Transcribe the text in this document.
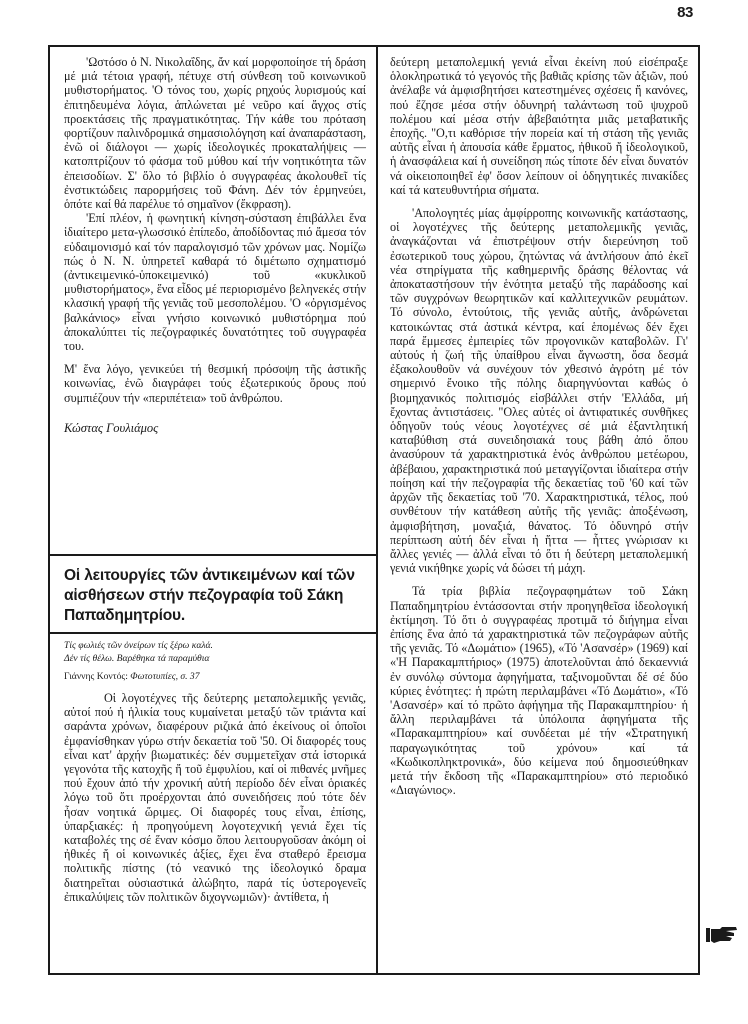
83

'Ωστόσο ὁ Ν. Νικολαΐδης, ἄν καί μορφοποίησε τή δράση μέ μιά τέτοια γραφή, πέτυχε στή σύνθεση τοῦ κοινωνικοῦ μυθιστορήματος. 'Ο τόνος του, χωρίς ρηχούς λυρισμούς καί ἐπιτηδευμένα λόγια, ἁπλώνεται μέ νεῦρο καί ἄγχος στίς προεκτάσεις τῆς πραγματικότητας. Τήν κάθε του πρόταση φορτίζουν παλινδρομικά σημασιολόγηση καί ἀναπαράσταση, ἐνῶ οἱ διάλογοι — χωρίς ἰδεολογικές προκαταλήψεις — κατοπτρίζουν τό φάσμα τοῦ μύθου καί τήν νοητικότητα τῶν ἐπεισοδίων. Σ' ὅλο τό βιβλίο ὁ συγγραφέας ἀκολουθεῖ τίς ἐνστικτώδεις παρορμήσεις τοῦ Φάνη. Δέν τόν ἑρμηνεύει, ὁπότε καί θά παρέλυε τό σημαῖνον (ἔκφραση).

'Επί πλέον, ἡ φωνητική κίνηση-σύσταση ἐπιβάλλει ἕνα ἰδιαίτερο μετα-γλωσσικό ἐπίπεδο, ἀποδίδοντας πιό ἄμεσα τόν εὐδαιμονισμό καί τόν παραλογισμό τῶν χρόνων μας. Νομίζω πώς ὁ Ν. Ν. ὑπηρετεῖ καθαρά τό διμέτωπο σχηματισμό (ἀντικειμενικό-ὑποκειμενικό) τοῦ «κυκλικοῦ μυθιστορήματος», ἕνα εἶδος μέ περιορισμένο βεληνεκές στήν κλασική γραφή τῆς γενιᾶς τοῦ μεσοπολέμου. 'Ο «ὀργισμένος βαλκάνιος» εἶναι γνήσιο κοινωνικό μυθιστόρημα πού ἀποκαλύπτει τίς πεζογραφικές δυνατότητες τοῦ συγγραφέα του.

Μ' ἕνα λόγο, γενικεύει τή θεσμική πρόσοψη τῆς ἀστικῆς κοινωνίας, ἐνῶ διαγράφει τούς ἐξωτερικούς ὅρους πού συμπιέζουν τήν «περιπέτεια» τοῦ ἀνθρώπου.

Κώστας Γουλιάμος
Οἱ λειτουργίες τῶν ἀντικειμένων καί τῶν αἰσθήσεων στήν πεζογραφία τοῦ Σάκη Παπαδημητρίου.
Τίς φωλιές τῶν ὀνείρων τίς ξέρω καλά.
Δέν τίς θέλω. Βαρέθηκα τά παραμύθια
Γιάννης Κοντός: Φωτοτυπίες, σ. 37

Οἱ λογοτέχνες τῆς δεύτερης μεταπολεμικῆς γενιᾶς, αὐτοί πού ἡ ἡλικία τους κυμαίνεται μεταξύ τῶν τριάντα καί σαράντα χρόνων, διαφέρουν ριζικά ἀπό ἐκείνους οἱ ὁποῖοι ἐμφανίσθηκαν γύρω στήν δεκαετία τοῦ '50. Οἱ διαφορές τους εἶναι κατ' ἀρχήν βιωματικές: δέν συμμετεῖχαν στά ἱστορικά γεγονότα τῆς κατοχῆς ἤ τοῦ ἐμφυλίου, καί οἱ πιθανές μνῆμες πού ἔχουν ἀπό τήν χρονική αὐτή περίοδο δέν εἶναι ὁριακές λόγω τοῦ ὅτι προέρχονται ἀπό συνειδήσεις πού τότε δέν ἦσαν νοητικά ὥριμες. Οἱ διαφορές τους εἶναι, ἐπίσης, ὑπαρξιακές: ἡ προηγούμενη λογοτεχνική γενιά ἔχει τίς καταβολές της σέ ἕναν κόσμο ὅπου λειτουργοῦσαν ἀκόμη οἱ ἠθικές ἤ οἱ κοινωνικές ἀξίες, ἔχει ἕνα σταθερό ἔρεισμα πολιτικῆς πίστης (τό νεανικό της ἰδεολογικό δραμα διατηρεῖται οὐσιαστικά ἀλώβητο, παρά τίς ὑστερογενεῖς ἐπικαλύψεις τῶν πολιτικῶν διχογνωμιῶν)· ἀντίθετα, ἡ

δεύτερη μεταπολεμική γενιά εἶναι ἐκείνη πού εἰσέπραξε ὁλοκληρωτικά τό γεγονός τῆς βαθιᾶς κρίσης τῶν ἀξιῶν, πού ἀνέλαβε νά ἀμφισβητήσει κατεστημένες σχέσεις ἤ κανόνες, πού ἔζησε μέσα στήν ὀδυνηρή ταλάντωση τοῦ ψυχροῦ πολέμου καί μέσα στήν ἀβεβαιότητα μιᾶς μεταβατικῆς ἐποχῆς. "Ο,τι καθόρισε τήν πορεία καί τή στάση τῆς γενιᾶς αὐτῆς εἶναι ἡ ἀπουσία κάθε ἔρματος, ἠθικοῦ ἤ ἰδεολογικοῦ, ἡ ἀνασφάλεια καί ἡ συνείδηση πώς τίποτε δέν εἶναι δυνατόν νά οἰκειοποιηθεῖ ἐφ' ὅσον λείπουν οἱ ὁδηγητικές πινακίδες καί τά κατευθυντήρια σήματα.

'Απολογητές μίας ἀμφίρροπης κοινωνικῆς κατάστασης, οἱ λογοτέχνες τῆς δεύτερης μεταπολεμικῆς γενιᾶς, ἀναγκάζονται νά ἐπιστρέψουν στήν διερεύνηση τοῦ ἐσωτερικοῦ τους χώρου, ζητώντας νά ἀντλήσουν ἀπό ἐκεῖ νέα στηρίγματα τῆς καθημερινῆς δράσης θέλοντας νά ἀποκαταστήσουν τήν ἑνότητα μεταξύ τῆς παράδοσης καί τῶν συγχρόνων θεωρητικῶν καί καλλιτεχνικῶν ρευμάτων. Τό σύνολο, ἐντούτοις, τῆς γενιᾶς αὐτῆς, ἀνδρώνεται κατοικώντας στά ἀστικά κέντρα, καί ἑπομένως δέν ἔχει παρά ἔμμεσες ἐμπειρίες τῶν προγονικῶν καταβολῶν. Γι' αὐτούς ἡ ζωή τῆς ὑπαίθρου εἶναι ἄγνωστη, ὅσα δεσμά ἐξακολουθοῦν νά συνέχουν τόν χθεσινό ἀγρότη μέ τόν σημερινό ἔνοικο τῆς πόλης διαρηγνύονται καθώς ὁ βιομηχανικός πολιτισμός εἰσβάλλει στήν 'Ελλάδα, μή ἔχοντας ἀντιστάσεις. "Ολες αὐτές οἱ ἀντιφατικές συνθῆκες ὁδηγοῦν τούς νέους λογοτέχνες σέ μιά ἐξαντλητική καταβύθιση στά συνειδησιακά τους βάθη ἀπό ὅπου ἀνασύρουν τά χαρακτηριστικά ἑνός ἀνθρώπου μετέωρου, ἀβέβαιου, χαρακτηριστικά πού μεταγγίζονται ἰδιαίτερα στήν ποίηση καί τήν πεζογραφία τῆς δεκαετίας τοῦ '60 καί τῶν ἀρχῶν τῆς δεκαετίας τοῦ '70. Χαρακτηριστικά, τέλος, πού συνθέτουν τήν κατάθεση αὐτῆς τῆς γενιᾶς: ἀποξένωση, ἀμφισβήτηση, μοναξιά, θάνατος. Τό ὀδυνηρό στήν περίπτωση αὐτή δέν εἶναι ἡ ἥττα — ἧττες γνώρισαν κι ἄλλες γενιές — ἀλλά εἶναι τό ὅτι ἡ δεύτερη μεταπολεμική γενιά νικήθηκε χωρίς νά δώσει τή μάχη.

Τά τρία βιβλία πεζογραφημάτων τοῦ Σάκη Παπαδημητρίου ἐντάσσονται στήν προηγηθεῖσα ἰδεολογική ἐκτίμηση. Τό ὅτι ὁ συγγραφέας προτιμᾶ τό διήγημα εἶναι ἐπίσης ἕνα ἀπό τά χαρακτηριστικά τῶν πεζογράφων αὐτῆς τῆς γενιᾶς. Τό «Δωμάτιο» (1965), «Τό 'Ασανσέρ» (1969) καί «'Η Παρακαμπτήριος» (1975) ἀποτελοῦνται ἀπό δεκαεννιά ἐν συνόλῳ σύντομα ἀφηγήματα, ταξινομοῦνται δέ σέ δύο κύριες ἑνότητες: ἡ πρώτη περιλαμβάνει «Τό Δωμάτιο», «Τό 'Ασανσέρ» καί τό πρῶτο ἀφήγημα τῆς Παρακαμπτηρίου· ἡ ἄλλη περιλαμβάνει τά ὑπόλοιπα ἀφηγήματα τῆς «Παρακαμπτηρίου» καί συνδέεται μέ τήν «Στρατηγική παραγωγικότητας τοῦ χρόνου» καί τά «Κωδικοπληκτρονικά», δύο κείμενα πού δημοσιεύθηκαν μετά τήν ἔκδοση τῆς «Παρακαμπτηρίου» στό περιοδικό «Διαγώνιος».
